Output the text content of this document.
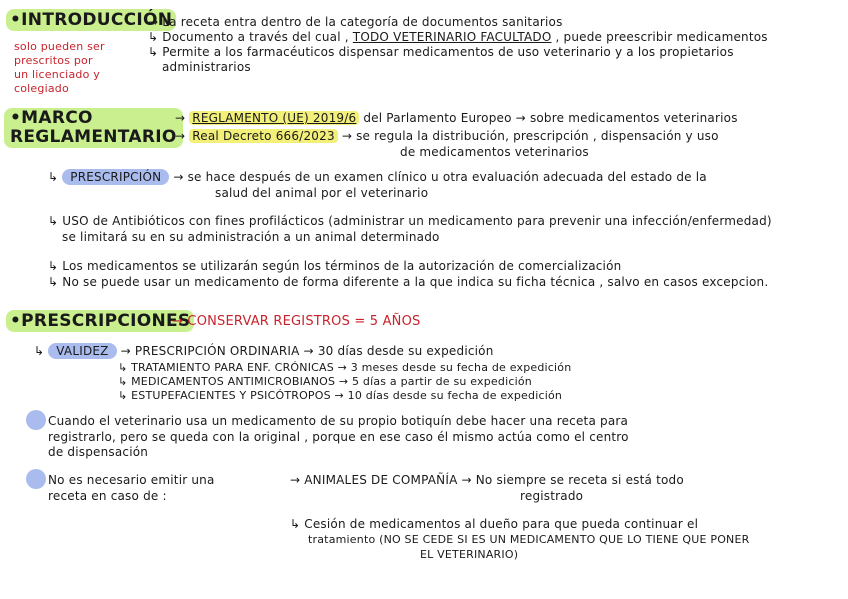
•INTRODUCCIÓN
solo pueden ser
prescritos por
un licenciado y
colegiado
→ La receta entra dentro de la categoría de documentos sanitarios
↳ Documento a través del cual , TODO VETERINARIO FACULTADO , puede preescribir medicamentos
↳ Permite a los farmacéuticos dispensar medicamentos de uso veterinario y a los propietarios
administrarios
•MARCO
REGLAMENTARIO
→ REGLAMENTO (UE) 2019/6 del Parlamento Europeo → sobre medicamentos veterinarios
→ Real Decreto 666/2023 → se regula la distribución, prescripción , dispensación y uso
de medicamentos veterinarios
↳ PRESCRIPCIÓN → se hace después de un examen clínico u otra evaluación adecuada del estado de la
salud del animal por el veterinario
↳ USO de Antibióticos con fines profilácticos (administrar un medicamento para prevenir una infección/enfermedad)
se limitará su en su administración a un animal determinado
↳ Los medicamentos se utilizarán según los términos de la autorización de comercialización
↳ No se puede usar un medicamento de forma diferente a la que indica su ficha técnica , salvo en casos excepcion.
•PRESCRIPCIONES
→ CONSERVAR REGISTROS = 5 AÑOS
↳ VALIDEZ → PRESCRIPCIÓN ORDINARIA → 30 días desde su expedición
↳ TRATAMIENTO PARA ENF. CRÓNICAS → 3 meses desde su fecha de expedición
↳ MEDICAMENTOS ANTIMICROBIANOS → 5 días a partir de su expedición
↳ ESTUPEFACIENTES Y PSICÓTROPOS → 10 días desde su fecha de expedición
Cuando el veterinario usa un medicamento de su propio botiquín debe hacer una receta para
registrarlo, pero se queda con la original , porque en ese caso él mismo actúa como el centro
de dispensación
No es necesario emitir una
receta en caso de :
→ ANIMALES DE COMPAÑÍA → No siempre se receta si está todo
registrado
↳ Cesión de medicamentos al dueño para que pueda continuar el
tratamiento (NO SE CEDE SI ES UN MEDICAMENTO QUE LO TIENE QUE PONER
EL VETERINARIO)
